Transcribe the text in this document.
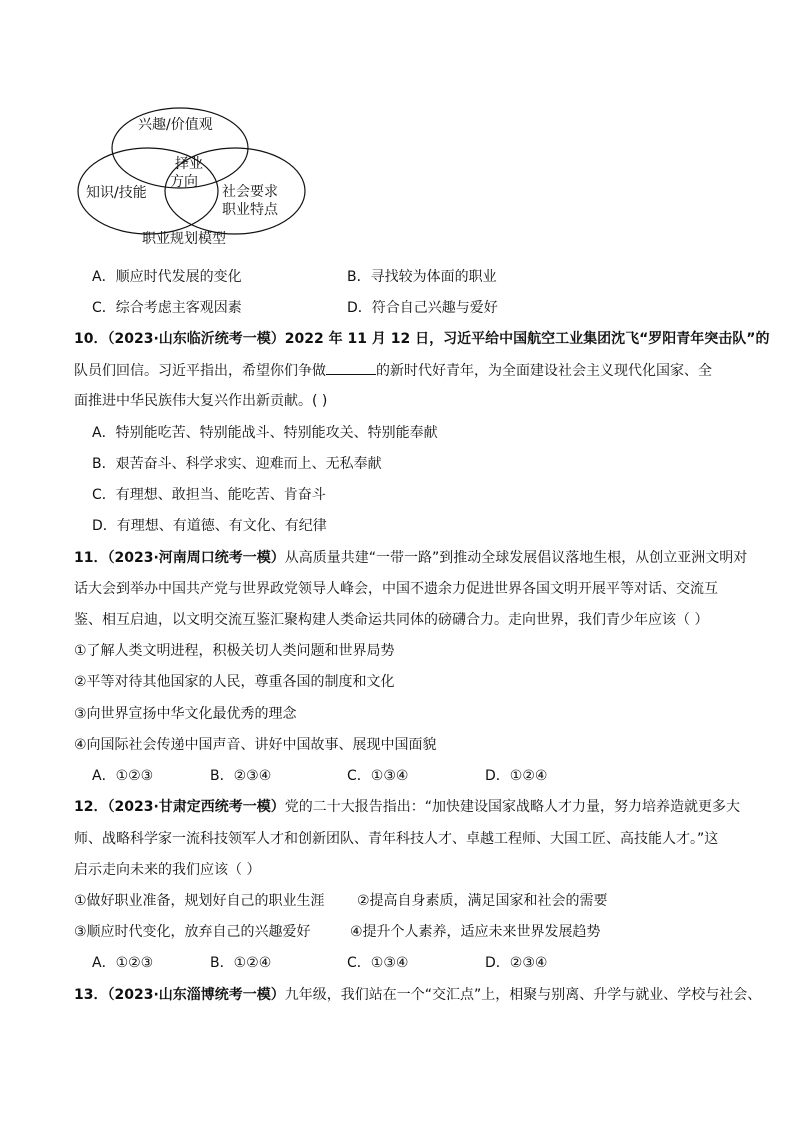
兴趣/价值观
知识/技能
择业
方向
社会要求
职业特点
职业规划模型
A．顺应时代发展的变化	B．寻找较为体面的职业
C．综合考虑主客观因素	D．符合自己兴趣与爱好
10．（2023·山东临沂统考一模）2022 年 11 月 12 日，习近平给中国航空工业集团沈飞“罗阳青年突击队”的
队员们回信。习近平指出，希望你们争做	的新时代好青年，为全面建设社会主义现代化国家、全
面推进中华民族伟大复兴作出新贡献。( )
A．特别能吃苦、特别能战斗、特别能攻关、特别能奉献
B．艰苦奋斗、科学求实、迎难而上、无私奉献
C．有理想、敢担当、能吃苦、肯奋斗
D．有理想、有道德、有文化、有纪律
11．（2023·河南周口统考一模）从高质量共建“一带一路”到推动全球发展倡议落地生根，从创立亚洲文明对
话大会到举办中国共产党与世界政党领导人峰会，中国不遗余力促进世界各国文明开展平等对话、交流互
鉴、相互启迪，以文明交流互鉴汇聚构建人类命运共同体的磅礴合力。走向世界，我们青少年应该（ ）
①了解人类文明进程，积极关切人类问题和世界局势
②平等对待其他国家的人民，尊重各国的制度和文化
③向世界宣扬中华文化最优秀的理念
④向国际社会传递中国声音、讲好中国故事、展现中国面貌
A．①②③	B．②③④	C．①③④	D．①②④
12．（2023·甘肃定西统考一模）党的二十大报告指出：“加快建设国家战略人才力量，努力培养造就更多大
师、战略科学家一流科技领军人才和创新团队、青年科技人才、卓越工程师、大国工匠、高技能人才。”这
启示走向未来的我们应该（ ）
①做好职业准备，规划好自己的职业生涯 ②提高自身素质，满足国家和社会的需要
③顺应时代变化，放弃自己的兴趣爱好	④提升个人素养，适应未来世界发展趋势
A．①②③	B．①②④	C．①③④	D．②③④
13．（2023·山东淄博统考一模）九年级，我们站在一个“交汇点”上，相聚与别离、升学与就业、学校与社会、
